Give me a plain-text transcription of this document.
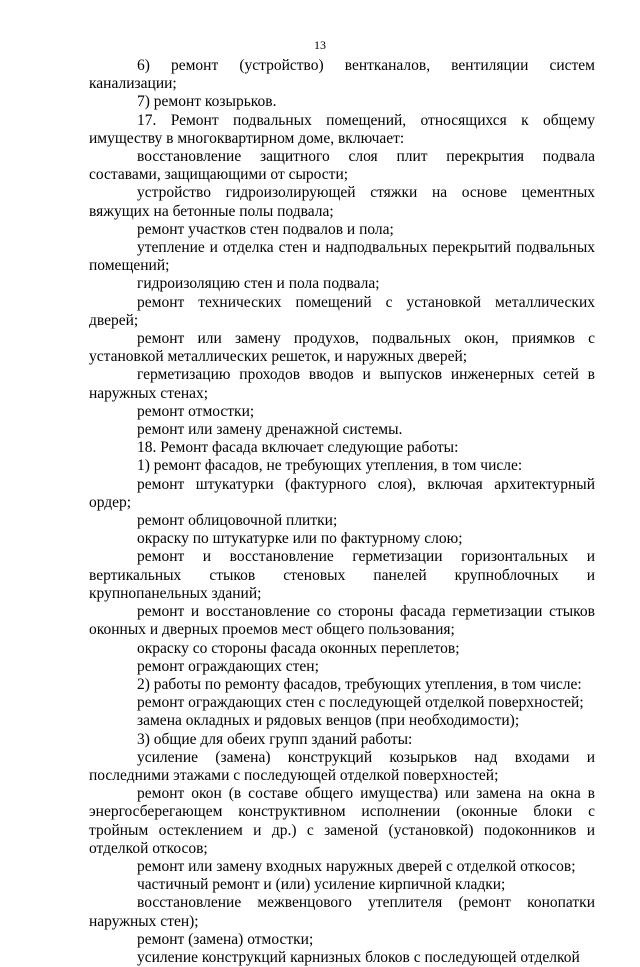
13

6) ремонт (устройство) вентканалов, вентиляции систем канализации;

7) ремонт козырьков.

17. Ремонт подвальных помещений, относящихся к общему имуществу в многоквартирном доме, включает:

восстановление защитного слоя плит перекрытия подвала составами, защищающими от сырости;

устройство гидроизолирующей стяжки на основе цементных вяжущих на бетонные полы подвала;

ремонт участков стен подвалов и пола;

утепление и отделка стен и надподвальных перекрытий подвальных помещений;

гидроизоляцию стен и пола подвала;

ремонт технических помещений с установкой металлических дверей;

ремонт или замену продухов, подвальных окон, приямков с установкой металлических решеток, и наружных дверей;

герметизацию проходов вводов и выпусков инженерных сетей в наружных стенах;

ремонт отмостки;

ремонт или замену дренажной системы.

18. Ремонт фасада включает следующие работы:

1) ремонт фасадов, не требующих утепления, в том числе:

ремонт штукатурки (фактурного слоя), включая архитектурный ордер;

ремонт облицовочной плитки;

окраску по штукатурке или по фактурному слою;

ремонт и восстановление герметизации горизонтальных и вертикальных стыков стеновых панелей крупноблочных и крупнопанельных зданий;

ремонт и восстановление со стороны фасада герметизации стыков оконных и дверных проемов мест общего пользования;

окраску со стороны фасада оконных переплетов;

ремонт ограждающих стен;

2) работы по ремонту фасадов, требующих утепления, в том числе:

ремонт ограждающих стен с последующей отделкой поверхностей;

замена окладных и рядовых венцов (при необходимости);

3) общие для обеих групп зданий работы:

усиление (замена) конструкций козырьков над входами и последними этажами с последующей отделкой поверхностей;

ремонт окон (в составе общего имущества) или замена на окна в энергосберегающем конструктивном исполнении (оконные блоки с тройным остеклением и др.) с заменой (установкой) подоконников и отделкой откосов;

ремонт или замену входных наружных дверей с отделкой откосов;

частичный ремонт и (или) усиление кирпичной кладки;

восстановление межвенцового утеплителя (ремонт конопатки наружных стен);

ремонт (замена) отмостки;

усиление конструкций карнизных блоков с последующей отделкой
